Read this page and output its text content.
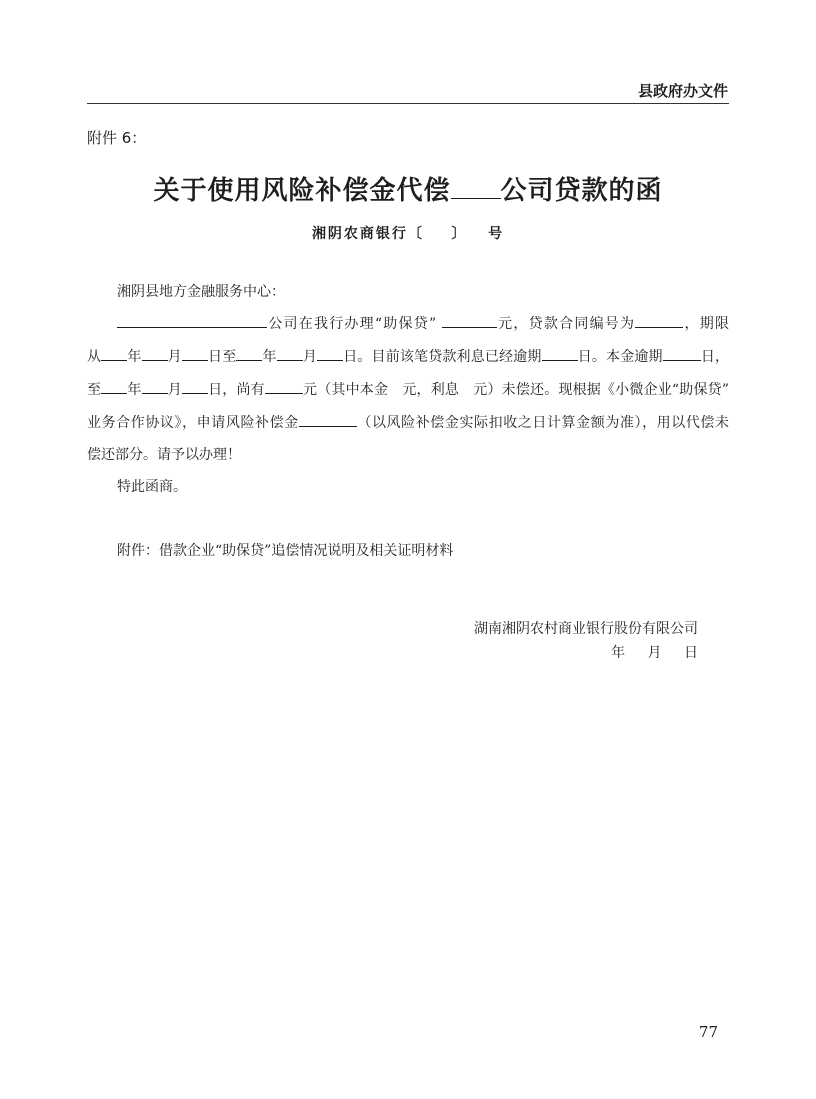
县政府办文件
附件 6：
关于使用风险补偿金代偿 公司贷款的函
湘阴农商银行〔 〕 号
湘阴县地方金融服务中心：
公司在我行办理“助保贷”	元，贷款合同编号为	，期限
从 年 月 日至 年 月 日。目前该笔贷款利息已经逾期	日。本金逾期	日，
至 年 月 日，尚有	元（其中本金　元，利息　元）未偿还。现根据《小微企业“助保贷”
业务合作协议》，申请风险补偿金	（以风险补偿金实际扣收之日计算金额为准），用以代偿未
偿还部分。请予以办理！
特此函商。
附件：借款企业“助保贷”追偿情况说明及相关证明材料
湖南湘阴农村商业银行股份有限公司
年 月 日
77
